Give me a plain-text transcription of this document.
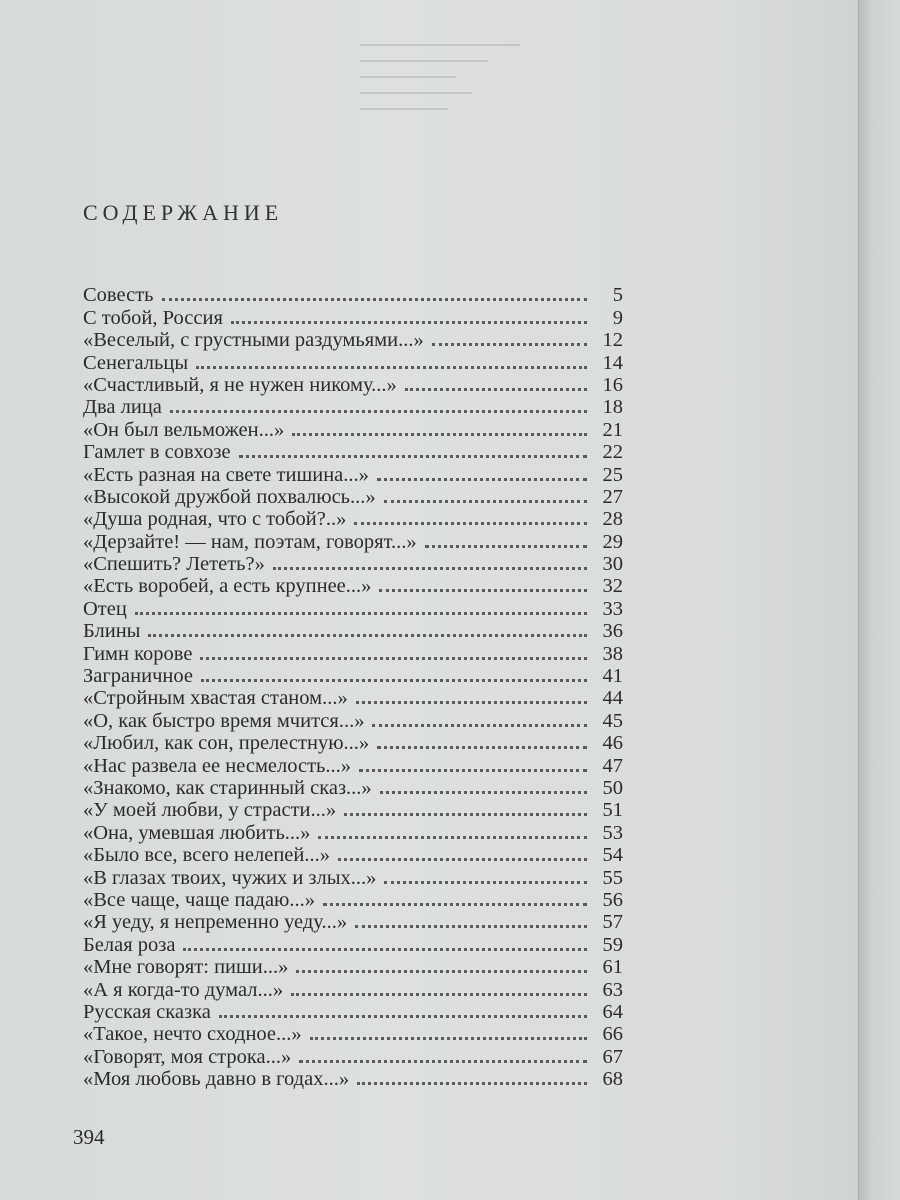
СОДЕРЖАНИЕ
Совесть	5
С тобой, Россия	9
«Веселый, с грустными раздумьями...»	12
Сенегальцы	14
«Счастливый, я не нужен никому...»	16
Два лица	18
«Он был вельможен...»	21
Гамлет в совхозе	22
«Есть разная на свете тишина...»	25
«Высокой дружбой похвалюсь...»	27
«Душа родная, что с тобой?..»	28
«Дерзайте! — нам, поэтам, говорят...»	29
«Спешить? Лететь?»	30
«Есть воробей, а есть крупнее...»	32
Отец	33
Блины	36
Гимн корове	38
Заграничное	41
«Стройным хвастая станом...»	44
«О, как быстро время мчится...»	45
«Любил, как сон, прелестную...»	46
«Нас развела ее несмелость...»	47
«Знакомо, как старинный сказ...»	50
«У моей любви, у страсти...»	51
«Она, умевшая любить...»	53
«Было все, всего нелепей...»	54
«В глазах твоих, чужих и злых...»	55
«Все чаще, чаще падаю...»	56
«Я уеду, я непременно уеду...»	57
Белая роза	59
«Мне говорят: пиши...»	61
«А я когда-то думал...»	63
Русская сказка	64
«Такое, нечто сходное...»	66
«Говорят, моя строка...»	67
«Моя любовь давно в годах...»	68
394
